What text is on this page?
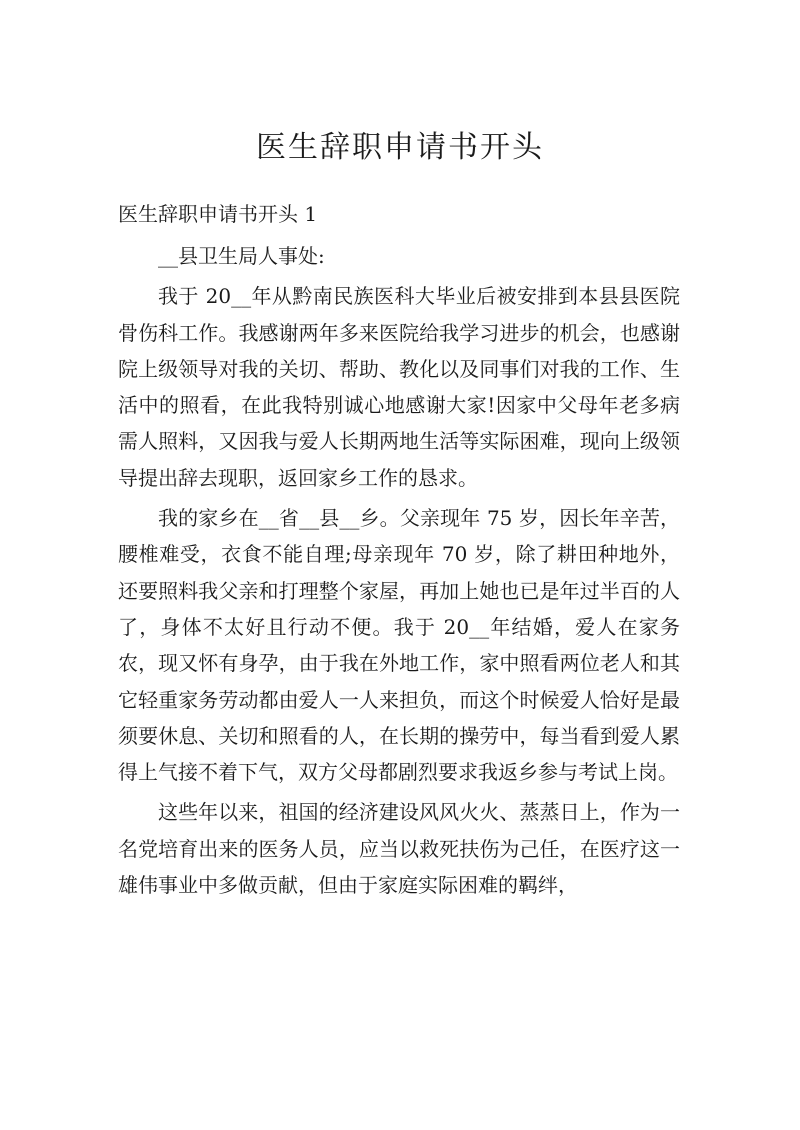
医生辞职申请书开头
医生辞职申请书开头 1

__县卫生局人事处:

我于 20__年从黔南民族医科大毕业后被安排到本县县医院骨伤科工作。我感谢两年多来医院给我学习进步的机会，也感谢院上级领导对我的关切、帮助、教化以及同事们对我的工作、生活中的照看，在此我特别诚心地感谢大家!因家中父母年老多病需人照料，又因我与爱人长期两地生活等实际困难，现向上级领导提出辞去现职，返回家乡工作的恳求。

我的家乡在__省__县__乡。父亲现年 75 岁，因长年辛苦，腰椎难受，衣食不能自理;母亲现年 70 岁，除了耕田种地外，还要照料我父亲和打理整个家屋，再加上她也已是年过半百的人了，身体不太好且行动不便。我于 20__年结婚，爱人在家务农，现又怀有身孕，由于我在外地工作，家中照看两位老人和其它轻重家务劳动都由爱人一人来担负，而这个时候爱人恰好是最须要休息、关切和照看的人，在长期的操劳中，每当看到爱人累得上气接不着下气，双方父母都剧烈要求我返乡参与考试上岗。

这些年以来，祖国的经济建设风风火火、蒸蒸日上，作为一名党培育出来的医务人员，应当以救死扶伤为己任，在医疗这一雄伟事业中多做贡献，但由于家庭实际困难的羁绊，
